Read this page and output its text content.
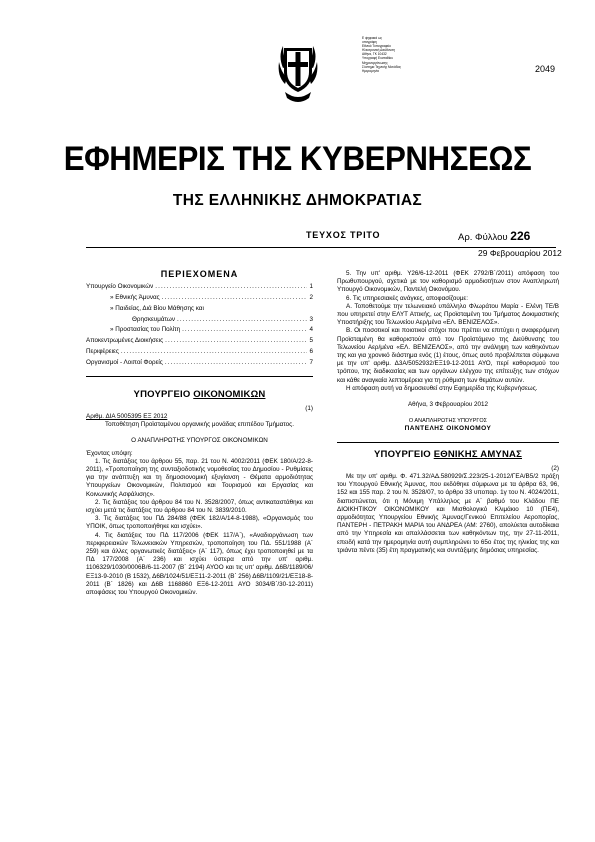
E ψηφιακά ως
υπογράφη
Εθνικό Τυπογραφείο
Ηλεκτρονική Διεύθυνση
Αθήνα, ΤΚ 10432
Υπογραφή Ευσταθίου
Μηχανοργάνωσης
Σύστημα Τεχνικής Μονάδας
Ημερομηνία	2049
ΕΦΗΜΕΡΙΣ ΤΗΣ ΚΥΒΕΡΝΗΣΕΩΣ
ΤΗΣ ΕΛΛΗΝΙΚΗΣ ΔΗΜΟΚΡΑΤΙΑΣ
ΤΕΥΧΟΣ ΤΡΙΤΟ	Αρ. Φύλλου 226
29 Φεβρουαρίου 2012
ΠΕΡΙΕΧΟΜΕΝΑ
Υπουργείο Οικονομικών .....	1
» Εθνικής Άμυνας .....	2
» Παιδείας, Διά Βίου Μάθησης και
Θρησκευμάτων .....	3
» Προστασίας του Πολίτη .....	4
Αποκεντρωμένες Διοικήσεις .....	5
Περιφέρειες .....	6
Οργανισμοί - Λοιποί Φορείς .....	7
ΥΠΟΥΡΓΕΙΟ ΟΙΚΟΝΟΜΙΚΩΝ
(1)

Αριθμ. ΔΙΑ 5005395 ΕΞ 2012

Τοποθέτηση Προϊσταμένου οργανικής μονάδας επιπέδου Τμήματος.

Ο ΑΝΑΠΛΗΡΩΤΗΣ ΥΠΟΥΡΓΟΣ ΟΙΚΟΝΟΜΙΚΩΝ

Έχοντας υπόψη:

1. Τις διατάξεις του άρθρου 55, παρ. 21 του Ν. 4002/2011 (ΦΕΚ 180/Α/22-8-2011), «Τροποποίηση της συνταξιοδοτικής νομοθεσίας του Δημοσίου - Ρυθμίσεις για την ανάπτυξη και τη δημοσιονομική εξυγίανση - Θέματα αρμοδιότητας Υπουργείων Οικονομικών, Πολιτισμού και Τουρισμού και Εργασίας και Κοινωνικής Ασφάλισης».

2. Τις διατάξεις του άρθρου 84 του Ν. 3528/2007, όπως αντικαταστάθηκε και ισχύει μετά τις διατάξεις του άρθρου 84 του Ν. 3839/2010.

3. Τις διατάξεις του ΠΔ 284/88 (ΦΕΚ 182/Α/14-8-1988), «Οργανισμός του ΥΠΟΙΚ, όπως τροποποιήθηκε και ισχύει».

4. Τις διατάξεις του ΠΔ 117/2006 (ΦΕΚ 117/Α΄), «Αναδιοργάνωση των περιφερειακών Τελωνειακών Υπηρεσιών, τροποποίηση του ΠΔ. 551/1988 (Α΄ 259) και άλλες οργανωτικές διατάξεις» (Α΄ 117), όπως έχει τροποποιηθεί με τα ΠΔ 177/2008 (Α΄ 236) και ισχύει ύστερα από την υπ' αριθμ. 1106329/1030/0006Β/6-11-2007 (Β΄ 2194) ΑΥΟΟ και τις υπ' αριθμ. Δ6Β/1189/06/ΕΞ13-9-2010 (Β 1532), Δ6Β/1024/51/ΕΞ11-2-2011 (Β΄ 256) Δ6Β/1109/21/ΕΞ18-8-2011 (Β΄ 1826) και Δ6Β 1168860 ΕΞ6-12-2011 ΑΥΟ 3034/Β΄/30-12-2011) αποφάσεις του Υπουργού Οικονομικών.

5. Την υπ' αριθμ. Υ26/6-12-2011 (ΦΕΚ 2792/Β΄/2011) απόφαση του Πρωθυπουργού, σχετικά με τον καθορισμό αρμοδιοτήτων στον Αναπληρωτή Υπουργό Οικονομικών, Παντελή Οικονόμου.

6. Τις υπηρεσιακές ανάγκες, αποφασίζουμε:

Α. Τοποθετούμε την τελωνειακό υπάλληλο Φλωράτου Μαρία - Ελένη ΤΕ/Β που υπηρετεί στην ΕΛΥΤ Αττικής, ως Προϊσταμένη του Τμήματος Δοκιμαστικής Υποστήριξης του Τελωνείου Αερ/μένα «ΕΛ. ΒΕΝΙΖΕΛΟΣ».

Β. Οι ποσοτικοί και ποιοτικοί στόχοι που πρέπει να επιτύχει η αναφερόμενη Προϊσταμένη θα καθοριστούν από τον Προϊστάμενο της Διεύθυνσης του Τελωνείου Αερ/μένα «ΕΛ. ΒΕΝΙΖΕΛΟΣ», από την ανάληψη των καθηκόντων της και για χρονικό διάστημα ενός (1) έτους, όπως αυτό προβλέπεται σύμφωνα με την υπ' αριθμ. Δ3Α/5052932/ΕΞ19-12-2011 ΑΥΟ, περί καθορισμού του τρόπου, της διαδικασίας και των οργάνων ελέγχου της επίτευξης των στόχων και κάθε αναγκαία λεπτομέρεια για τη ρύθμιση των θεμάτων αυτών.

Η απόφαση αυτή να δημοσιευθεί στην Εφημερίδα της Κυβερνήσεως.

Αθήνα, 3 Φεβρουαρίου 2012

Ο ΑΝΑΠΛΗΡΩΤΗΣ ΥΠΟΥΡΓΟΣ

ΠΑΝΤΕΛΗΣ ΟΙΚΟΝΟΜΟΥ

ΥΠΟΥΡΓΕΙΟ ΕΘΝΙΚΗΣ ΑΜΥΝΑΣ
(2)

Με την υπ' αριθμ. Φ. 471.32/ΑΔ.580929/Σ.223/25-1-2012/ΓΕΑ/Β5/2 πράξη του Υπουργού Εθνικής Άμυνας, που εκδόθηκε σύμφωνα με τα άρθρα 63, 96, 152 και 155 παρ. 2 του Ν. 3528/07, το άρθρο 33 υποπαρ. 1γ του Ν. 4024/2011, διαπιστώνεται, ότι η Μόνιμη Υπάλληλος με Α΄ βαθμό του Κλάδου ΠΕ ΔΙΟΙΚΗΤΙΚΟΥ ΟΙΚΟΝΟΜΙΚΟΥ και Μισθολογικό Κλιμάκιο 10 (ΠΕ4), αρμοδιότητας Υπουργείου Εθνικής Άμυνας/Γενικού Επιτελείου Αεροπορίας, ΠΑΝΤΕΡΗ - ΠΕΤΡΑΚΗ ΜΑΡΙΑ του ΑΝΔΡΕΑ (ΑΜ: 2760), απολύεται αυτοδίκαια από την Υπηρεσία και απαλλάσσεται των καθηκόντων της, την 27-11-2011, επειδή κατά την ημερομηνία αυτή συμπληρώνει το 65ο έτος της ηλικίας της και τριάντα πέντε (35) έτη πραγματικής και συντάξιμης δημόσιας υπηρεσίας.
